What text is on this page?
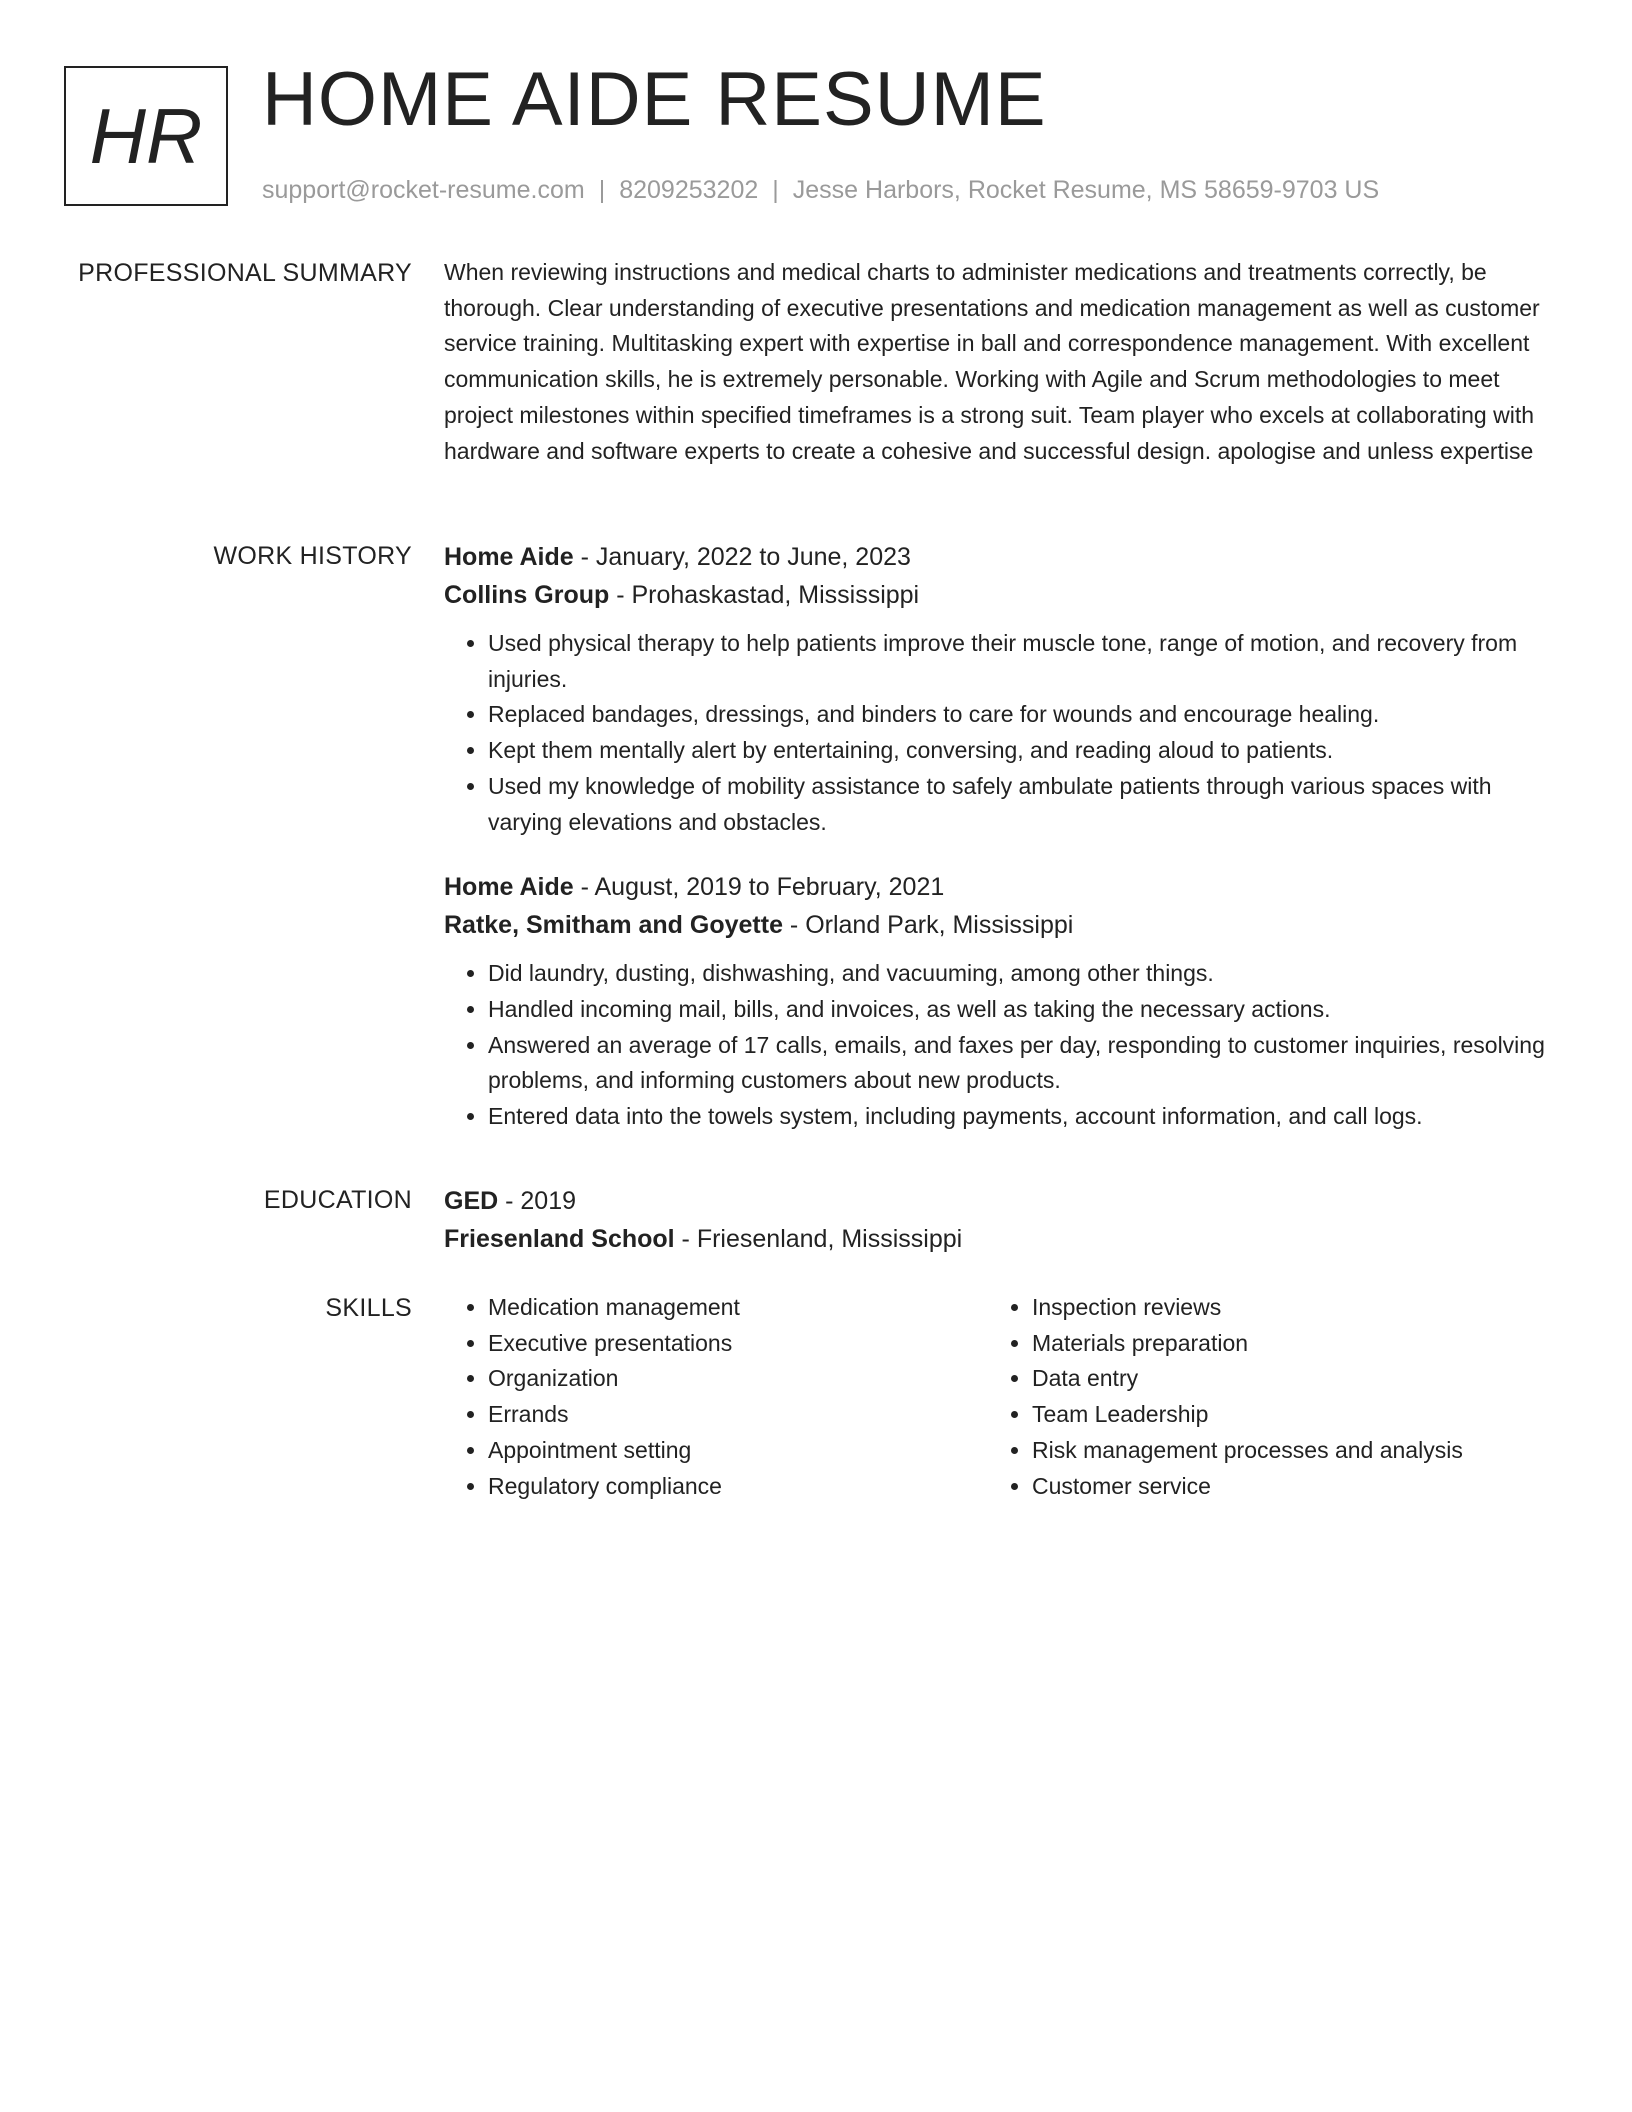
HR HOME AIDE RESUME
support@rocket-resume.com | 8209253202 | Jesse Harbors, Rocket Resume, MS 58659-9703 US
PROFESSIONAL SUMMARY When reviewing instructions and medical charts to administer medications and treatments correctly, be thorough. Clear understanding of executive presentations and medication management as well as customer service training. Multitasking expert with expertise in ball and correspondence management. With excellent communication skills, he is extremely personable. Working with Agile and Scrum methodologies to meet project milestones within specified timeframes is a strong suit. Team player who excels at collaborating with hardware and software experts to create a cohesive and successful design. apologise and unless expertise

WORK HISTORY Home Aide - January, 2022 to June, 2023

Collins Group - Prohaskastad, Mississippi

• Used physical therapy to help patients improve their muscle tone, range of motion, and recovery from injuries.
• Replaced bandages, dressings, and binders to care for wounds and encourage healing.
• Kept them mentally alert by entertaining, conversing, and reading aloud to patients.
• Used my knowledge of mobility assistance to safely ambulate patients through various spaces with varying elevations and obstacles.

Home Aide - August, 2019 to February, 2021

Ratke, Smitham and Goyette - Orland Park, Mississippi

• Did laundry, dusting, dishwashing, and vacuuming, among other things.
• Handled incoming mail, bills, and invoices, as well as taking the necessary actions.
• Answered an average of 17 calls, emails, and faxes per day, responding to customer inquiries, resolving problems, and informing customers about new products.
• Entered data into the towels system, including payments, account information, and call logs.
EDUCATION GED - 2019

Friesenland School - Friesenland, Mississippi

SKILLS
•	Medication management
• Executive presentations
• Organization
• Errands
• Appointment setting
• Regulatory compliance
• Inspection reviews
• Materials preparation
• Data entry
• Team Leadership
• Risk management processes and analysis
• Customer service
